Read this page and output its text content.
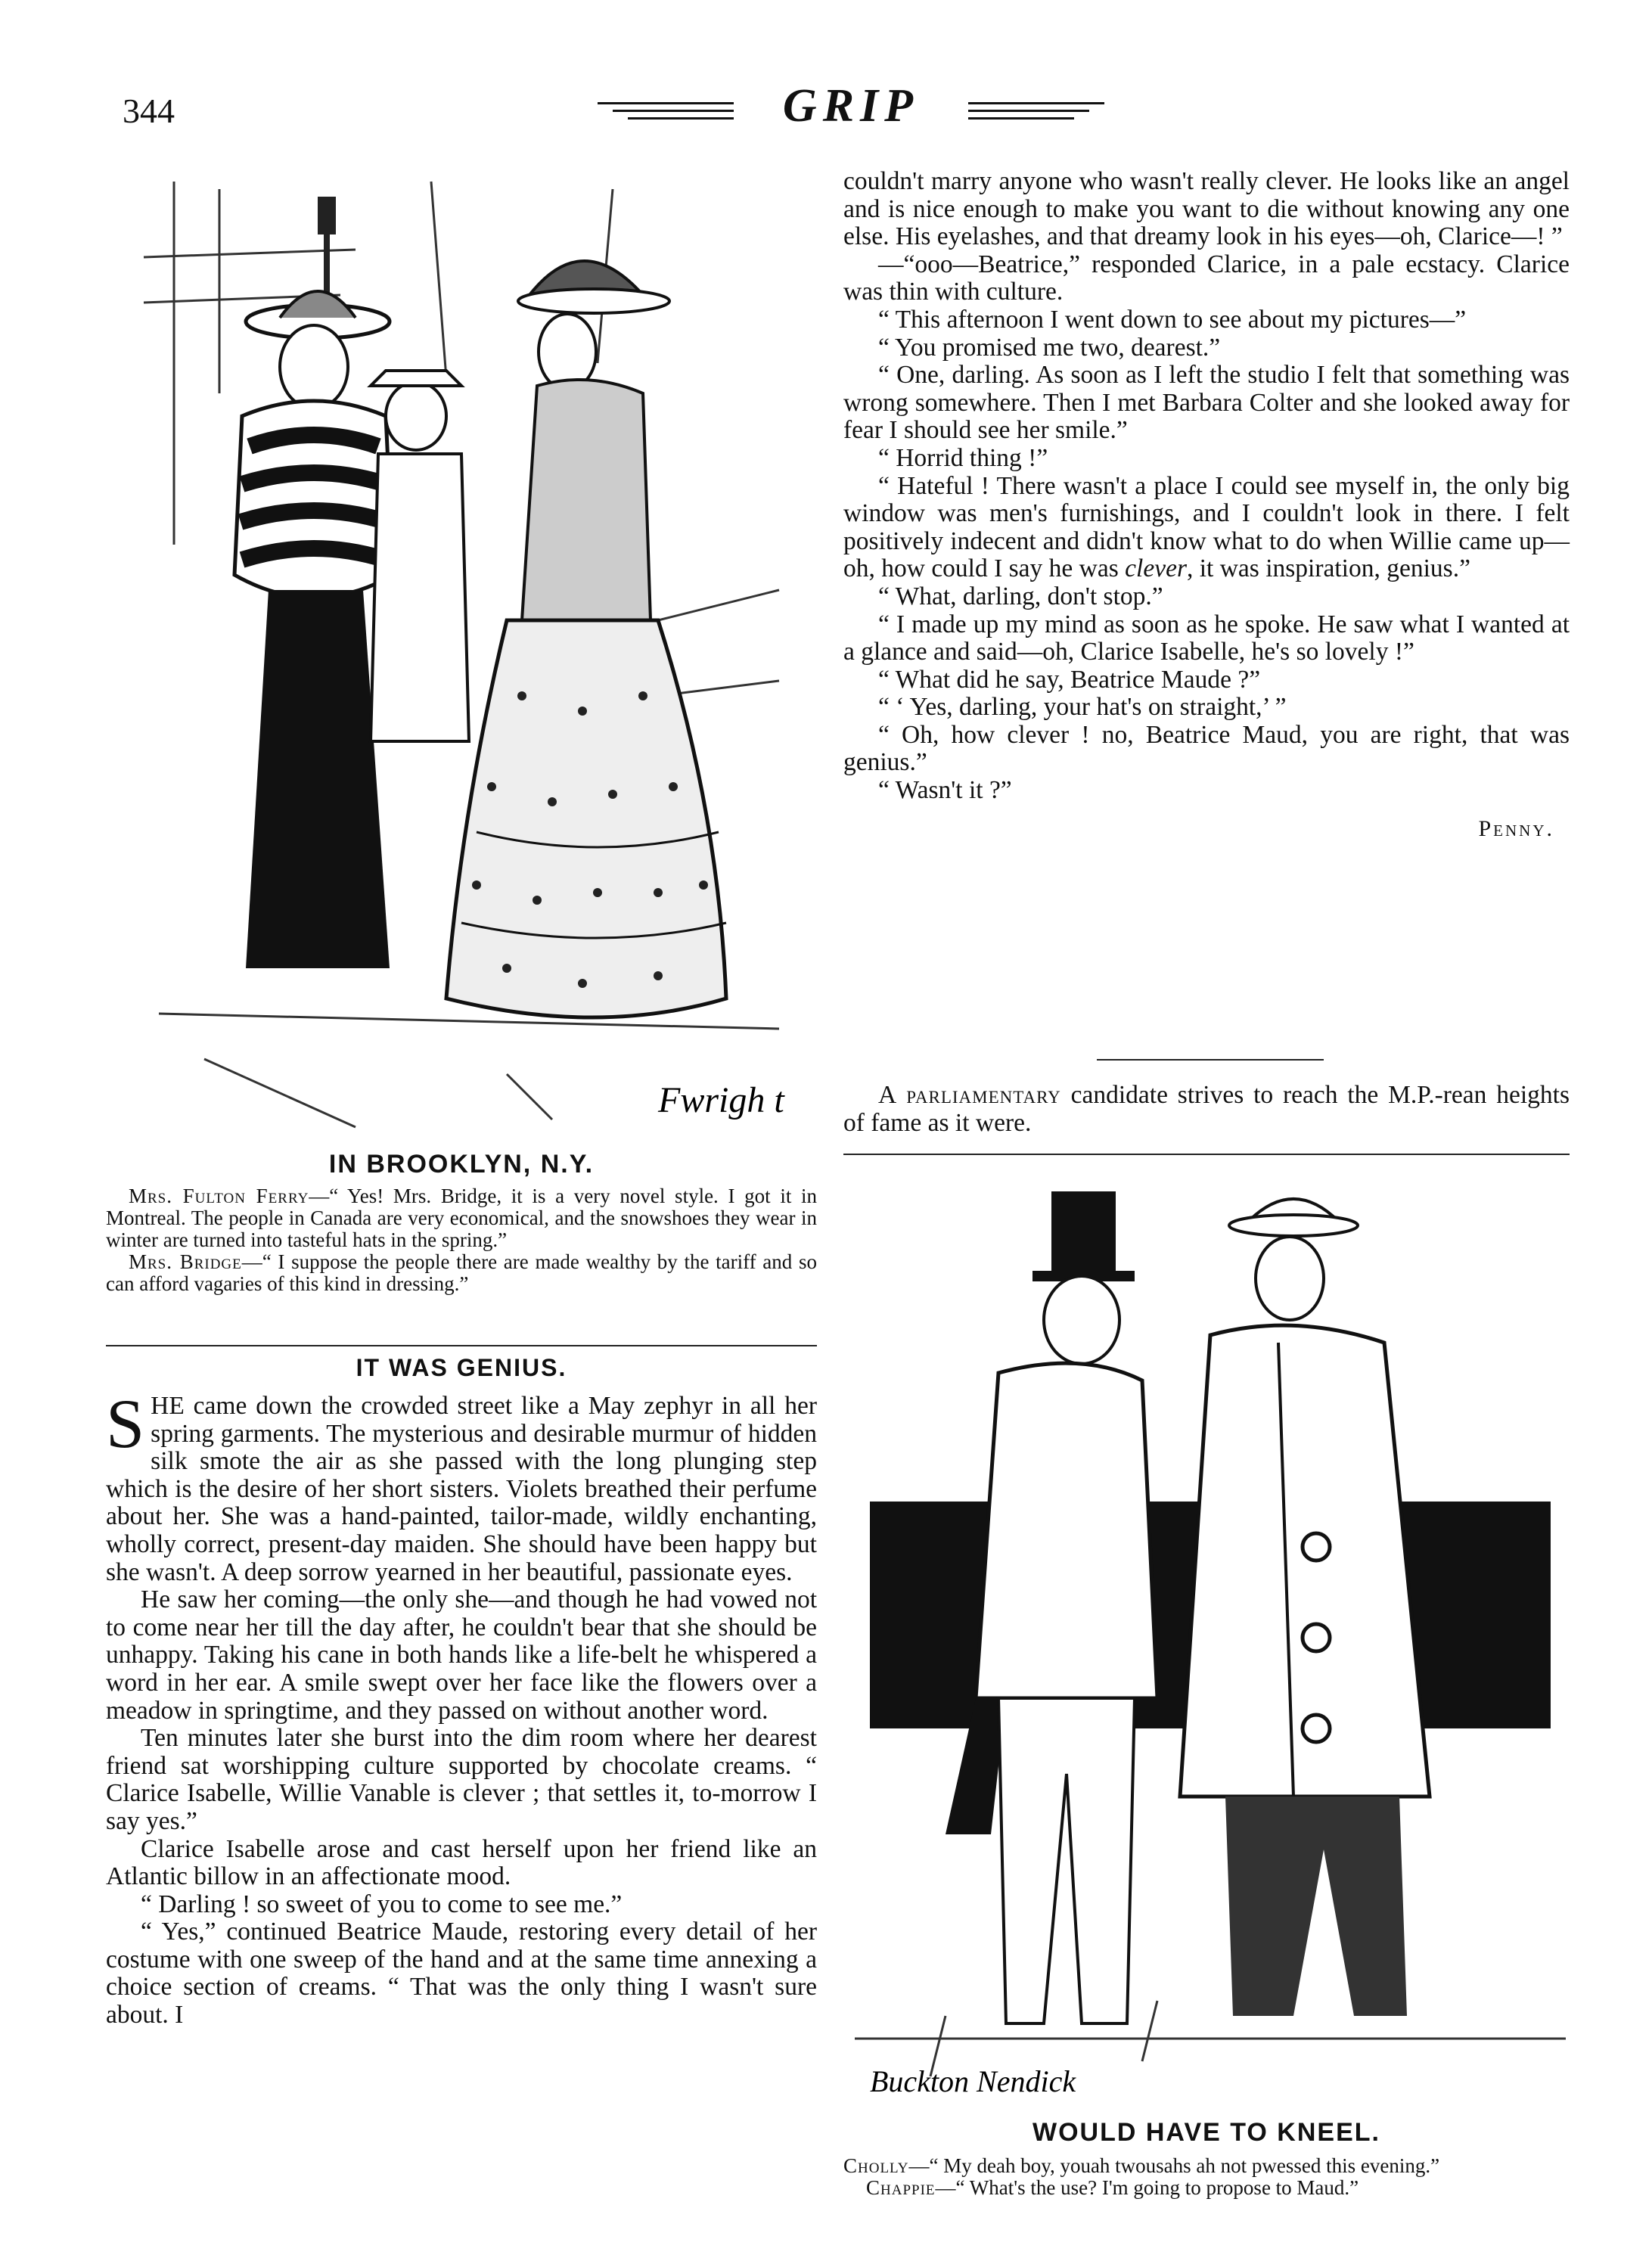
344	GRIP
Fwrigh t
IN BROOKLYN, N.Y.

Mrs. Fulton Ferry—“ Yes! Mrs. Bridge, it is a very novel style. I got it in Montreal. The people in Canada are very economical, and the snowshoes they wear in winter are turned into tasteful hats in the spring.”

Mrs. Bridge—“ I suppose the people there are made wealthy by the tariff and so can afford vagaries of this kind in dressing.”

IT WAS GENIUS.

SHE came down the crowded street like a May zephyr in all her spring garments. The mysterious and desirable murmur of hidden silk smote the air as she passed with the long plunging step which is the desire of her short sisters. Violets breathed their perfume about her. She was a hand-painted, tailor-made, wildly enchanting, wholly correct, present-day maiden. She should have been happy but she wasn't. A deep sorrow yearned in her beautiful, passionate eyes.

He saw her coming—the only she—and though he had vowed not to come near her till the day after, he couldn't bear that she should be unhappy. Taking his cane in both hands like a life-belt he whispered a word in her ear. A smile swept over her face like the flowers over a meadow in springtime, and they passed on without another word.

Ten minutes later she burst into the dim room where her dearest friend sat worshipping culture supported by chocolate creams. “ Clarice Isabelle, Willie Vanable is clever ; that settles it, to-morrow I say yes.”

Clarice Isabelle arose and cast herself upon her friend like an Atlantic billow in an affectionate mood.

“ Darling ! so sweet of you to come to see me.”

“ Yes,” continued Beatrice Maude, restoring every detail of her costume with one sweep of the hand and at the same time annexing a choice section of creams. “ That was the only thing I wasn't sure about. I

couldn't marry anyone who wasn't really clever. He looks like an angel and is nice enough to make you want to die without knowing any one else. His eyelashes, and that dreamy look in his eyes—oh, Clarice—! ”

—“ooo—Beatrice,” responded Clarice, in a pale ecstacy. Clarice was thin with culture.

“ This afternoon I went down to see about my pictures—”

“ You promised me two, dearest.”

“ One, darling. As soon as I left the studio I felt that something was wrong somewhere. Then I met Barbara Colter and she looked away for fear I should see her smile.”

“ Horrid thing !”

“ Hateful ! There wasn't a place I could see myself in, the only big window was men's furnishings, and I couldn't look in there. I felt positively indecent and didn't know what to do when Willie came up—oh, how could I say he was clever, it was inspiration, genius.”

“ What, darling, don't stop.”

“ I made up my mind as soon as he spoke. He saw what I wanted at a glance and said—oh, Clarice Isabelle, he's so lovely !”

“ What did he say, Beatrice Maude ?”

“ ‘ Yes, darling, your hat's on straight,’ ”

“ Oh, how clever ! no, Beatrice Maud, you are right, that was genius.”

“ Wasn't it ?”

Penny.

A parliamentary candidate strives to reach the M.P.-rean heights of fame as it were.

Buckton Nendick
WOULD HAVE TO KNEEL.

Cholly—“ My deah boy, youah twousahs ah not pwessed this evening.”

Chappie—“ What's the use? I'm going to propose to Maud.”
